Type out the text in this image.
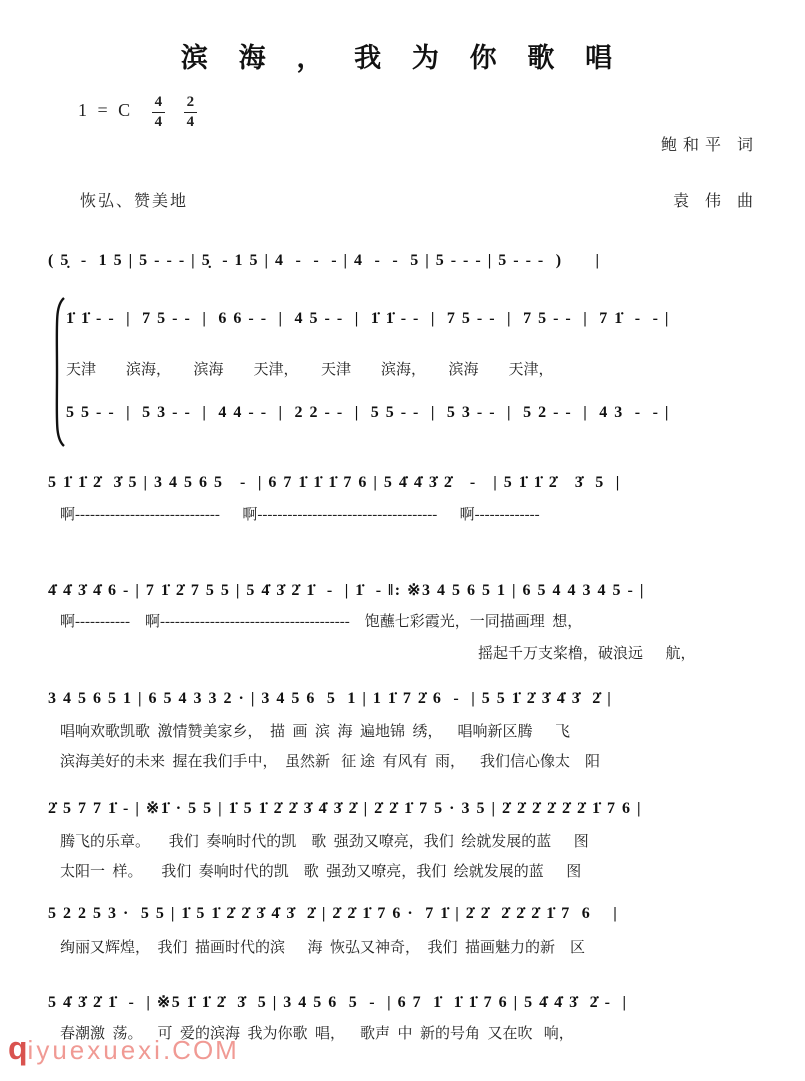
滨 海 ， 我 为 你 歌 唱
1 = C $\frac{4}{4}$
$\frac{2}{4}$
鲍和平 词
恢弘、赞美地	袁 伟 曲
( 5̣  -  1 5 | 5 - - - | 5̣  - 1 5 | 4  -  -  - | 4  -  -  5 | 5 - - - | 5 - - -  )      |
1̇ 1̇ - -  |  7 5 - -  |  6 6 - -  |  4 5 - -  |  1̇ 1̇ - -  |  7 5 - -  |  7 5 - -  |  7 1̇  -  - |
天津        滨海，      滨海        天津，      天津        滨海，      滨海        天津，
5 5 - -  |  5 3 - -  |  4 4 - -  |  2 2 - -  |  5 5 - -  |  5 3 - -  |  5 2 - -  |  4 3  -  - |
5 1̇ 1̇ 2̇  3̇ 5 | 3 4 5 6 5   -  | 6 7 1̇ 1̇ 1̇ 7 6 | 5 4̇ 4̇ 3̇ 2̇   -   | 5 1̇ 1̇ 2̇   3̇  5  |
啊-----------------------------      啊------------------------------------      啊-------------
4̇ 4̇ 3̇ 4̇ 6 - | 7 1̇ 2̇ 7 5 5 | 5 4̇ 3̇ 2̇ 1̇  -  | 1̇  - ‖: ※3 4 5 6 5 1 | 6 5 4 4 3 4 5 - |
啊-----------    啊--------------------------------------    饱蘸七彩霞光，一同描画理  想，
摇起千万支桨橹，破浪远      航，
3 4 5 6 5 1 | 6 5 4 3 3 2 · | 3 4 5 6  5  1 | 1 1̇ 7 2̇ 6  -  | 5 5 1̇ 2̇ 3̇ 4̇ 3̇  2̇ |
唱响欢歌凯歌  激情赞美家乡，  描  画  滨  海  遍地锦  绣，    唱响新区腾      飞
滨海美好的未来  握在我们手中，  虽然新   征 途  有风有  雨，    我们信心像太    阳
2̇ 5 7 7 1̇ - | ※1̇ · 5 5 | 1̇ 5 1̇ 2̇ 2̇ 3̇ 4̇ 3̇ 2̇ | 2̇ 2̇ 1̇ 7 5 · 3 5 | 2̇ 2̇ 2̇ 2̇ 2̇ 2̇ 1̇ 7 6 |
腾飞的乐章。     我们  奏响时代的凯    歌  强劲又嘹亮，我们  绘就发展的蓝      图
太阳一  样。     我们  奏响时代的凯    歌  强劲又嘹亮，我们  绘就发展的蓝      图
5 2 2 5 3 ·  5 5 | 1̇ 5 1̇ 2̇ 2̇ 3̇ 4̇ 3̇  2̇ | 2̇ 2̇ 1̇ 7 6 ·  7 1̇ | 2̇ 2̇  2̇ 2̇ 2̇ 1̇ 7  6    |
绚丽又辉煌，  我们  描画时代的滨      海  恢弘又神奇，  我们  描画魅力的新    区
5 4̇ 3̇ 2̇ 1̇  -  | ※5 1̇ 1̇ 2̇  3̇  5 | 3 4 5 6  5  -  | 6 7  1̇  1̇ 1̇ 7 6 | 5 4̇ 4̇ 3̇  2̇ -  |
春潮激  荡。    可  爱的滨海  我为你歌  唱，    歌声  中  新的号角  又在吹   响，
qiyuexuexi.COM
